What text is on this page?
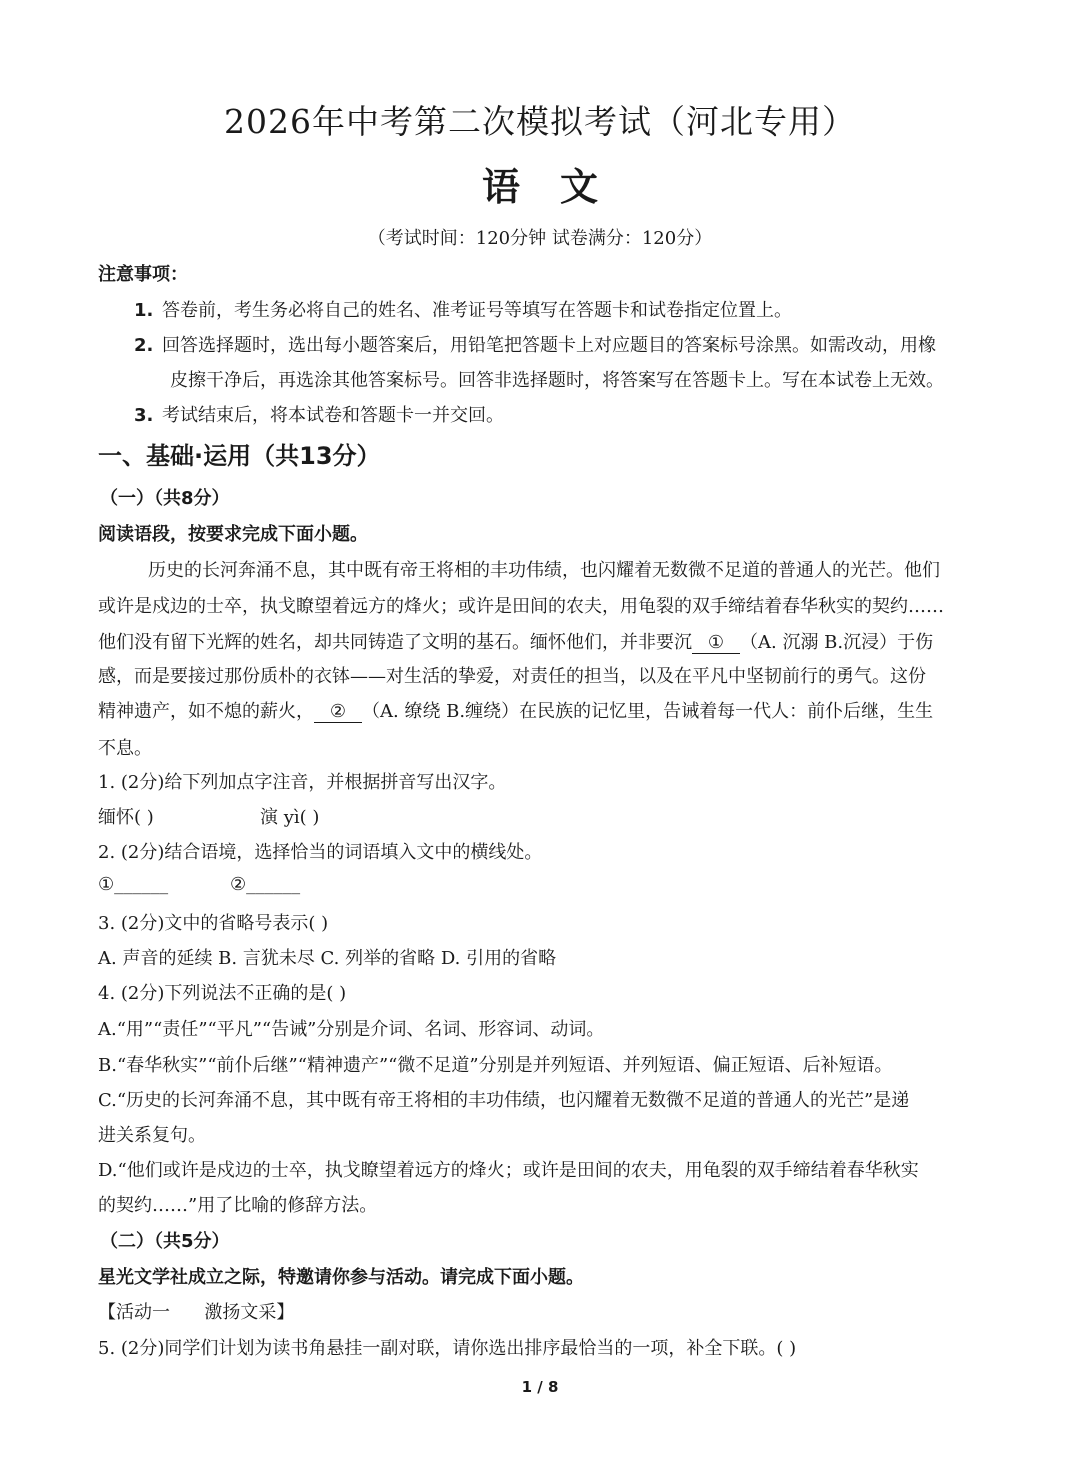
2026年中考第二次模拟考试（河北专用）
语文
（考试时间：120分钟 试卷满分：120分）
注意事项：
1. 答卷前，考生务必将自己的姓名、准考证号等填写在答题卡和试卷指定位置上。
2. 回答选择题时，选出每小题答案后，用铅笔把答题卡上对应题目的答案标号涂黑。如需改动，用橡
皮擦干净后，再选涂其他答案标号。回答非选择题时，将答案写在答题卡上。写在本试卷上无效。
3. 考试结束后，将本试卷和答题卡一并交回。
一、基础·运用（共13分）
（一）（共8分）
阅读语段，按要求完成下面小题。
历史的长河奔涌不息，其中既有帝王将相的丰功伟绩，也闪耀着无数微不足道的普通人的光芒。他们
或许是戍边的士卒，执戈瞭望着远方的烽火；或许是田间的农夫，用龟裂的双手缔结着春华秋实的契约……
他们没有留下光辉的姓名，却共同铸造了文明的基石。缅怀他们，并非要沉 ① （A. 沉溺 B.沉浸）于伤
感，而是要接过那份质朴的衣钵——对生活的挚爱，对责任的担当，以及在平凡中坚韧前行的勇气。这份
精神遗产，如不熄的薪火， ② （A. 缭绕 B.缠绕）在民族的记忆里，告诫着每一代人：前仆后继，生生
不息。
1. (2分)给下列加点字注音，并根据拼音写出汉字。
缅怀( )	演 yì( )
2. (2分)结合语境，选择恰当的词语填入文中的横线处。
①______	②______
3. (2分)文中的省略号表示( )
A. 声音的延续 B. 言犹未尽 C. 列举的省略 D. 引用的省略
4. (2分)下列说法不正确的是( )
A.“用”“责任”“平凡”“告诫”分别是介词、名词、形容词、动词。
B.“春华秋实”“前仆后继”“精神遗产”“微不足道”分别是并列短语、并列短语、偏正短语、后补短语。
C.“历史的长河奔涌不息，其中既有帝王将相的丰功伟绩，也闪耀着无数微不足道的普通人的光芒”是递
进关系复句。
D.“他们或许是戍边的士卒，执戈瞭望着远方的烽火；或许是田间的农夫，用龟裂的双手缔结着春华秋实
的契约……”用了比喻的修辞方法。
（二）（共5分）
星光文学社成立之际，特邀请你参与活动。请完成下面小题。
【活动一      激扬文采】
5. (2分)同学们计划为读书角悬挂一副对联，请你选出排序最恰当的一项，补全下联。( )
1 / 8
